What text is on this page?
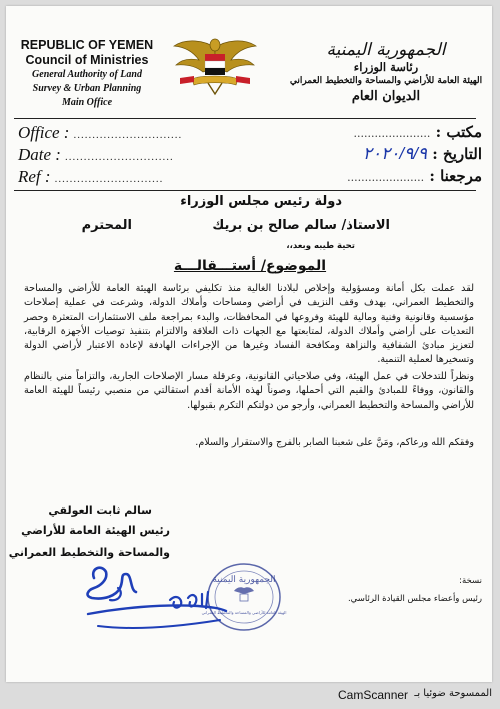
REPUBLIC OF YEMEN
Council of Ministries
General Authority of Land
Survey & Urban Planning
Main Office
الجمهورية اليمنية
رئاسة الوزراء
الهيئة العامة للأراضي والمساحة والتخطيط العمراني
الديوان العام
Office : .............................
Date : .............................
Ref : .............................
مكتب : ......................
التاريخ : ٢٠٢٠/٩/٩
مرجعنا : ......................
دولة رئيس مجلس الوزراء
الاستاذ/ سالم صالح بن بريك
المحترم
تحية طيبه وبعد،،
الموضوع/ أستـــقالـــة
لقد عملت بكل أمانة ومسؤولية وإخلاص لبلادنا الغالية منذ تكليفي برئاسة الهيئة العامة للأراضي والمساحة والتخطيط العمراني، بهدف وقف النزيف في أراضي ومساحات وأملاك الدولة، وشرعت في عملية إصلاحات مؤسسية وقانونية وفنية ومالية للهيئة وفروعها في المحافظات، والبدء بمراجعة ملف الاستثمارات المتعثرة وحصر التعديات على أراضي وأملاك الدولة، لمتابعتها مع الجهات ذات العلاقة والالتزام بتنفيذ توصيات الأجهزة الرقابية، لتعزيز مبادئ الشفافية والنزاهة ومكافحة الفساد وغيرها من الإجراءات الهادفة لإعادة الاعتبار لأراضي الدولة وتسخيرها لعملية التنمية.
ونظراً للتدخلات في عمل الهيئة، وفي صلاحياتي القانونية، وعرقلة مسار الإصلاحات الجارية، والتزاماً مني بالنظام والقانون، ووفاءً للمبادئ والقيم التي أحملها، وصوناً لهذه الأمانة أقدم استقالتي من منصبي رئيساً للهيئة العامة للأراضي والمساحة والتخطيط العمراني، وأرجو من دولتكم التكرم بقبولها.
وفقكم الله ورعاكم، ومَنَّ على شعبنا الصابر بالفرج والاستقرار والسلام.
سالم ثابت العولقي
رئيس الهيئة العامة للأراضي
والمساحة والتخطيط العمراني
الجمهورية اليمنية
الهيئة العامة للأراضي والمساحة والتخطيط العمراني
نسخة:
رئيس وأعضاء مجلس القيادة الرئاسي.
CamScanner الممسوحة ضوئيا بـ
